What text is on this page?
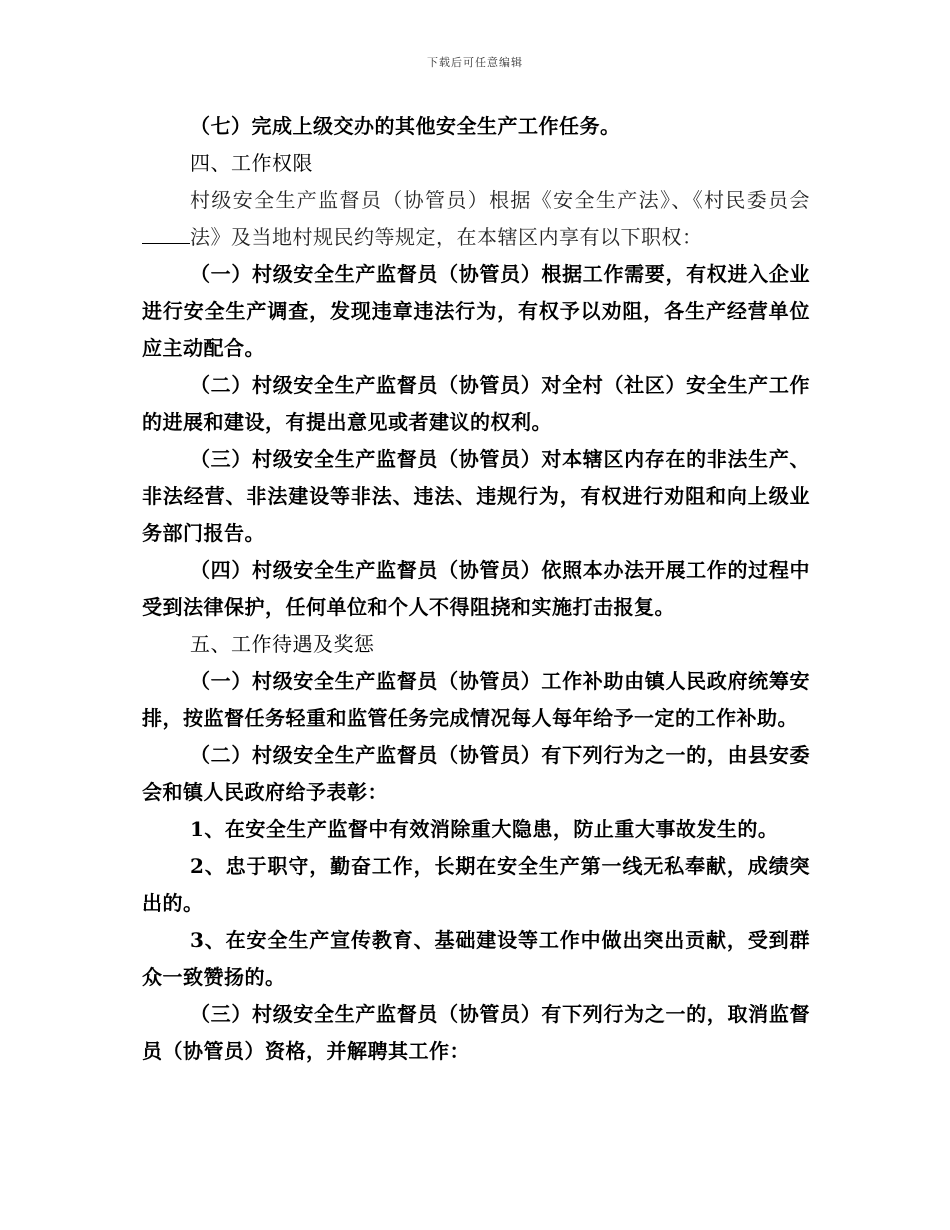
下载后可任意编辑

（七）完成上级交办的其他安全生产工作任务。

四、工作权限

村级安全生产监督员（协管员）根据《安全生产法》、《村民委员会法》及当地村规民约等规定，在本辖区内享有以下职权：

（一）村级安全生产监督员（协管员）根据工作需要，有权进入企业进行安全生产调查，发现违章违法行为，有权予以劝阻，各生产经营单位应主动配合。

（二）村级安全生产监督员（协管员）对全村（社区）安全生产工作的进展和建设，有提出意见或者建议的权利。

（三）村级安全生产监督员（协管员）对本辖区内存在的非法生产、非法经营、非法建设等非法、违法、违规行为，有权进行劝阻和向上级业务部门报告。

（四）村级安全生产监督员（协管员）依照本办法开展工作的过程中受到法律保护，任何单位和个人不得阻挠和实施打击报复。

五、工作待遇及奖惩

（一）村级安全生产监督员（协管员）工作补助由镇人民政府统筹安排，按监督任务轻重和监管任务完成情况每人每年给予一定的工作补助。

（二）村级安全生产监督员（协管员）有下列行为之一的，由县安委会和镇人民政府给予表彰：

1、在安全生产监督中有效消除重大隐患，防止重大事故发生的。

2、忠于职守，勤奋工作，长期在安全生产第一线无私奉献，成绩突出的。

3、在安全生产宣传教育、基础建设等工作中做出突出贡献，受到群众一致赞扬的。

（三）村级安全生产监督员（协管员）有下列行为之一的，取消监督员（协管员）资格，并解聘其工作：
